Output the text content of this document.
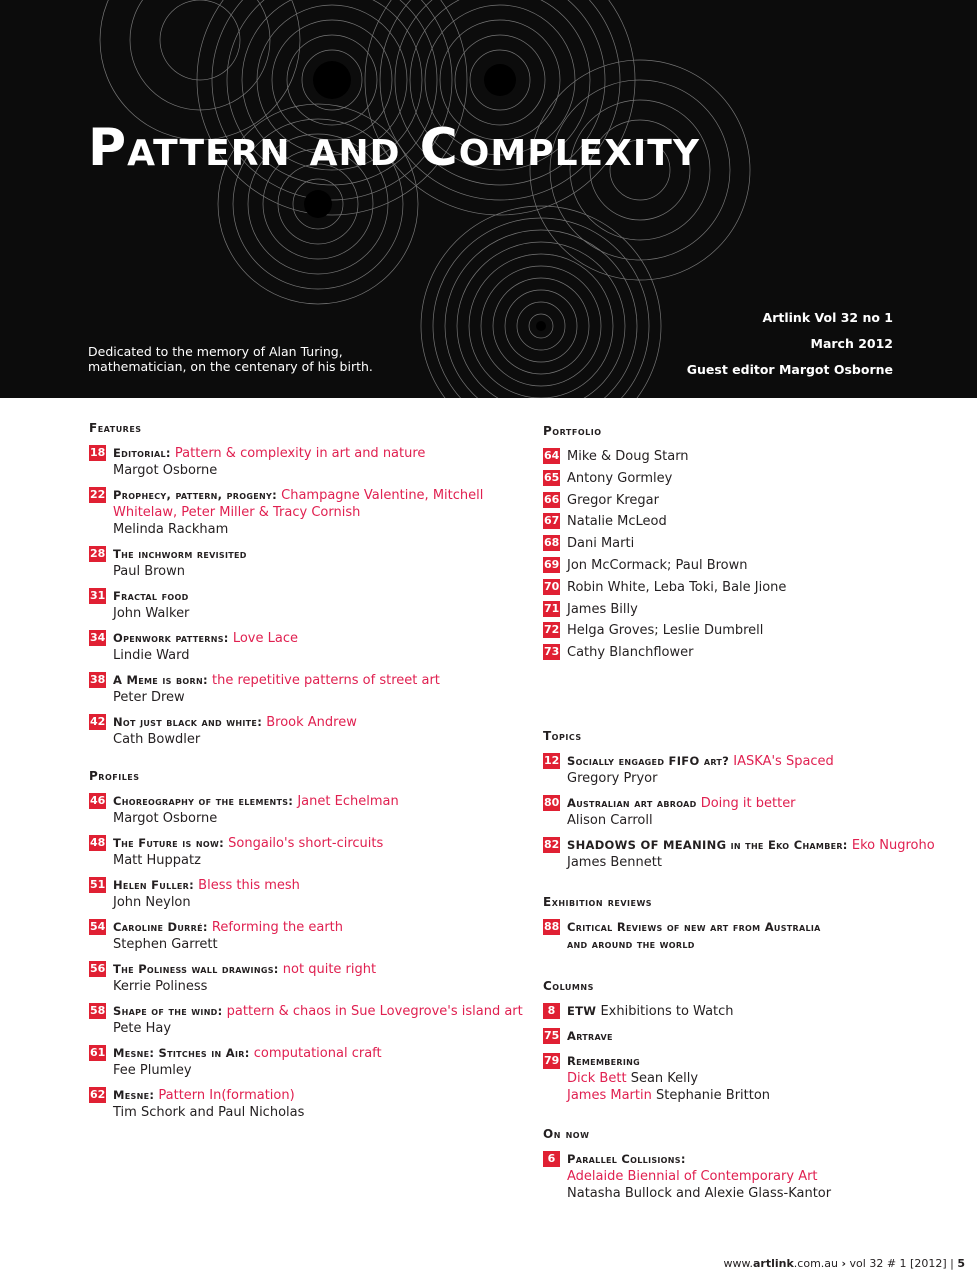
Pattern and Complexity
Dedicated to the memory of Alan Turing,
mathematician, on the centenary of his birth.
Artlink Vol 32 no 1
March 2012
Guest editor Margot Osborne
Features
18 Editorial: Pattern & complexity in art and nature
Margot Osborne
22 Prophecy, pattern, progeny: Champagne Valentine, Mitchell Whitelaw, Peter Miller & Tracy Cornish
Melinda Rackham
28 The inchworm revisited
Paul Brown
31 Fractal food
John Walker
34 Openwork patterns: Love Lace
Lindie Ward
38 A Meme is born: the repetitive patterns of street art
Peter Drew
42 Not just black and white: Brook Andrew
Cath Bowdler
Profiles
46 Choreography of the elements: Janet Echelman
Margot Osborne
48 The Future is now: Songailo's short-circuits
Matt Huppatz
51 Helen Fuller: Bless this mesh
John Neylon
54 Caroline Durré: Reforming the earth
Stephen Garrett
56 The Poliness wall drawings: not quite right
Kerrie Poliness
58 Shape of the wind: pattern & chaos in Sue Lovegrove's island art
Pete Hay
61 Mesne: Stitches in Air: computational craft
Fee Plumley
62 Mesne: Pattern In(formation)
Tim Schork and Paul Nicholas
Portfolio
64 Mike & Doug Starn
65 Antony Gormley
66 Gregor Kregar
67 Natalie McLeod
68 Dani Marti
69 Jon McCormack; Paul Brown
70 Robin White, Leba Toki, Bale Jione
71 James Billy
72 Helga Groves; Leslie Dumbrell
73 Cathy Blanchflower
Topics
12 Socially engaged FIFO art? IASKA's Spaced
Gregory Pryor
80 Australian art abroad Doing it better
Alison Carroll
82 SHADOWS OF MEANING in the Eko Chamber: Eko Nugroho
James Bennett
Exhibition reviews
88 Critical Reviews of new art from Australia and around the world
Columns
8	ETW Exhibitions to Watch
75 Artrave
79 Remembering
Dick Bett Sean Kelly
James Martin Stephanie Britton
On now
6	Parallel Collisions:
Adelaide Biennial of Contemporary Art
Natasha Bullock and Alexie Glass-Kantor
www.artlink.com.au › vol 32 # 1 [2012] | 5
